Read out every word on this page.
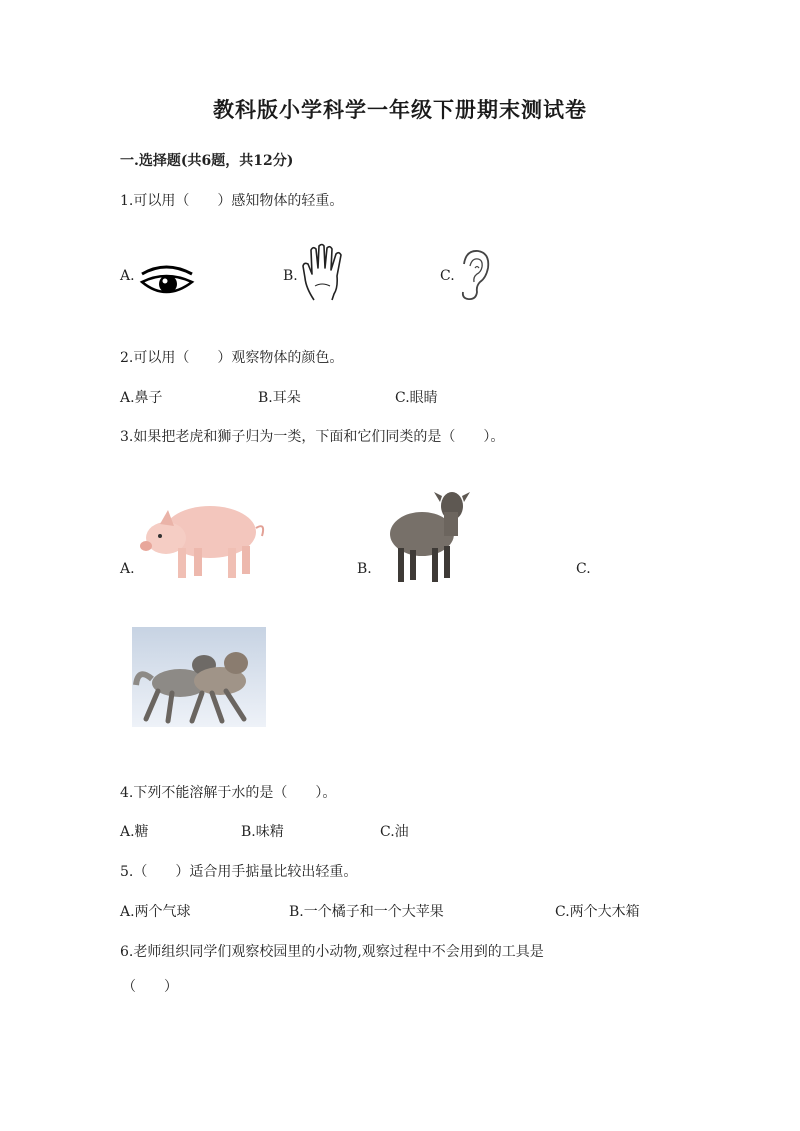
教科版小学科学一年级下册期末测试卷
一.选择题(共6题，共12分)
1.可以用（　　）感知物体的轻重。
A.	B.	C.
2.可以用（　　）观察物体的颜色。
A.鼻子	B.耳朵	C.眼睛
3.如果把老虎和狮子归为一类，下面和它们同类的是（　　）。
A.	B.	C.
4.下列不能溶解于水的是（　　）。
A.糖	B.味精	C.油
5.（　　）适合用手掂量比较出轻重。
A.两个气球	B.一个橘子和一个大苹果	C.两个大木箱
6.老师组织同学们观察校园里的小动物,观察过程中不会用到的工具是
（　　）
